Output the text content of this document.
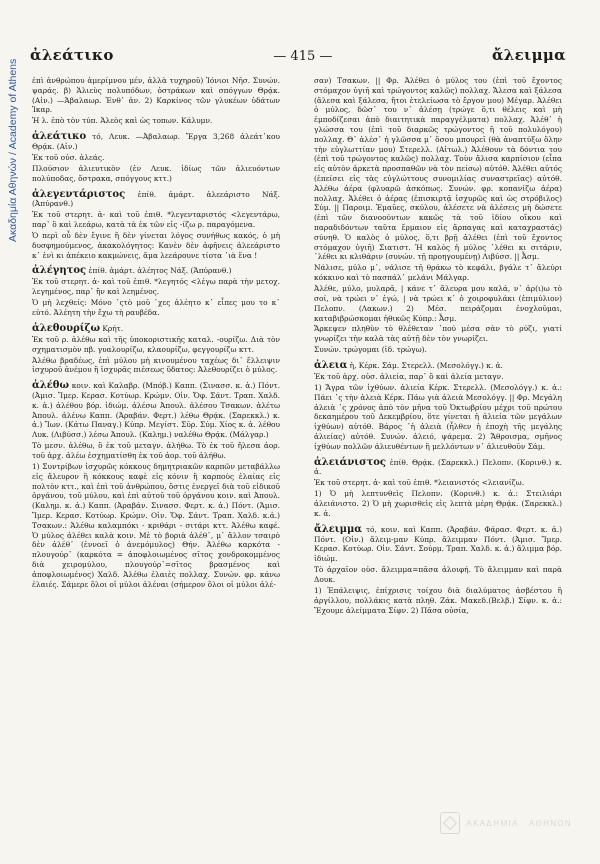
Ακαδημία Αθηνών / Academy of Athens
ἀλεάτικο	— 415 —	ἄλειμμα

ἐπὶ ἀνθρώπου ἀμερίμνου μέν, ἀλλὰ τυχηροῦ) Ἰόνιοι Νῆσ. Συνών. ψαράς. β) Ἁλιεὺς πολυπόδων, ὀστράκων καὶ σπόγγων Θρᾴκ. (Αἰν.) —Ἀβαλαωρ. Ἐνθ᾽ ἀν. 2) Καρκίνος τῶν γλυκέων ὑδάτων Ἰκαρ.

Ἡ λ. ἐπὸ τὸν τύπ. Ἀλεὸς καὶ ὡς τοπων. Κάλυμν.

ἀλεάτικο τό, Λευκ. —Ἀβαλαωρ. Ἔργα 3,268 ἀλεάτ᾽κου Θρᾴκ. (Αἰν.)

Ἐκ τοῦ οὐσ. ἀλεάς.

Πλούσιον ἀλιευτικὸν (ἐν Λευκ. ἰδίως τῶν ἀλιευόντων πολύποδας, ὄστρακα, σπόγγους κττ.)

ἀλεγεντάριστος ἐπίθ. ἀμάρτ. ἀλεεάριστο Νάξ. (Ἀπύρανθ.)

Ἐκ τοῦ στερητ. ἀ- καὶ τοῦ ἐπιθ. *λεγενταριστός <λεγεντάρω, παρ᾽ ὃ καὶ λεεάρω, κατὰ τὰ ἐκ τῶν εἰς -ίζω ρ. παραγόμενα.

Ὁ περὶ οὗ δὲν ἔγινε ἢ δὲν γίνεται λόγος συνήθως κακός, ὁ μὴ δυσφημούμενος, ἀκακολόγητος: Κανὲν δὲν ἀφῆνεις ἀλεεάριστο κ᾽ ἐνὶ κι ἀπέκειο κακμώνεις, ἄμα λεεάρουνε τίοτα ᾽ιὰ ἕνα !

ἀλέγητος ἐπίθ. ἀμάρτ. ἀλέητος Νάξ. (Ἀπύρανθ.)

Ἐκ τοῦ στερητ. ἀ- καὶ τοῦ ἐπιθ. *λεγητός <λέγω παρὰ τὴν μετοχ. λεγημένος, παρ᾽ ἣν καὶ λεημένος.

Ὁ μὴ λεχθείς: Μόνο ᾽ςτὸ μοῦ ᾽χες ἀλέητο κ᾽ εἶπες μου το κ᾽ εὐτό. Ἀλέητη τὴν ἔχω τὴ ραυβέδα.

ἀλεθουρίζω Κρήτ.

Ἐκ τοῦ ρ. ἀλέθω καὶ τῆς ὑποκοριστικῆς καταλ. -ουρίζω. Διὰ τὸν σχηματισμὸν πβ. γυαλουρίζω, κλαουρίζω, φεγγουρίζω κττ.

Ἀλέθω βραδέως, ἐπὶ μύλου μὴ κινουμένου ταχέως δι᾽ ἔλλειψιν ἰσχυροῦ ἀνέμου ἢ ἰσχυρᾶς πιέσεως ὕδατος: Ἀλεθουρίζει ὁ μύλος.

ἀλέθω κοιν. καὶ Καλαβρ. (Μπόβ.) Καππ. (Σινασσ. κ. ἀ.) Πόντ. (Ἀμισ. Ἴμερ. Κερασ. Κοτύωρ. Κρώμν. Οἰν. Ὄφ. Σάντ. Τραπ. Χαλδ. κ. ἀ.) ἀλέθου βόρ. ἰδιώμ. ἀλέσω Ἀπουλ. ἀλέσου Τσακων. ἀλέτω Ἀπουλ. ἀλένω Καππ. (Ἀραβάν. Φερτ.) λέθω Θρᾴκ. (Σαρεκκλ.) κ. ἀ.) Ἴων. (Κάτω Παναγ.) Κύπρ. Μεγίστ. Σῦρ. Σύμ. Χίος κ. ἀ. λέθου Λυκ. (Λιβύσσ.) λέσω Ἀπουλ. (Καλημ.) ναλέθω Θρᾴκ. (Μάλγαρ.)

Τὸ μεσν. ἀλέθω, ὃ ἐκ τοῦ μεταγν. ἀλήθω. Τὸ ἐκ τοῦ ἤλεσα ἀορ. τοῦ ἀρχ. ἀλέω ἐσχηματίσθη ἐκ τοῦ ἀορ. τοῦ ἀλήθω.

1) Συντρίβων ἰσχυρῶς κόκκους δημητριακῶν καρπῶν μεταβάλλω εἰς ἄλευρον ἢ κόκκους καφὲ εἰς κόνιν ἢ καρποὺς ἐλαίας εἰς πολτὸν κττ., καὶ ἐπὶ τοῦ ἀνθρώπου, ὅστις ἐνεργεῖ διὰ τοῦ εἰδικοῦ ὀργάνου, τοῦ μύλου, καὶ ἐπὶ αὐτοῦ τοῦ ὀργάνου κοιν. καὶ Ἀπουλ. (Καλημ. κ. ἀ.) Καππ. (Ἀραβάν. Σινασσ. Φερτ. κ. ἀ.) Πόντ. (Ἀμισ. Ἴμερ. Κερασ. Κοτύωρ. Κρώμν. Οἰν. Ὄφ. Σάντ. Τραπ. Χαλδ. κ.ἀ.) Τσακων.: Ἀλέθω καλαμπόκι - κριθάρι - σιτάρι κττ. Ἀλέθω καφέ. Ὁ μύλος ἀλέθει καλὰ κοιν. Μὲ τὸ βοριὰ ἀλέθ᾽, μ᾽ ἄλλον τσαιρὸ δὲν ἀλέθ᾽ (ἐννοεῖ ὁ ἀνεμόμυλος) Θήν. Ἀλέθω καρκότα - πλουγούρ᾽ (καρκότα = ἀποφλοιωμένος σῖτος χονδροκομμένος διὰ χειρομύλου, πλουγούρ᾽=σῖτος βρασμένος καὶ ἀποφλοιωμένος) Χαλδ. Ἀλέθω ἐλαιὲς πολλαχ. Συνών. φρ. κάνω ἐλαιές. Σάμερε ὅλοι οἱ μύλοι ἀλέναι (σήμερον ὅλοι οἱ μύλοι ἀλέ-

σαν) Τσακων. || Φρ. Ἀλέθει ὁ μύλος του (ἐπὶ τοῦ ἔχοντος στόμαχον ὑγιῆ καὶ τρώγοντος καλῶς) πολλαχ. Ἄλεσα καὶ ξάλεσα (ἄλεσα καὶ ξάλεσα, ἤτοι ἐτελείωσα τὸ ἔργον μου) Μέγαρ. Ἀλέθει ὁ μύλος, δῶσ᾽ του ν᾽ ἀλέσῃ (τρώγε ὅ,τι θέλεις καὶ μὴ ἐμποδίζεσαι ἀπὸ διαιτητικὰ παραγγέλματα) πολλαχ. Ἀλέθ᾽ ἡ γλώσσα του (ἐπὶ τοῦ διαρκῶς τρώγοντος ἢ τοῦ πολυλόγου) πολλαχ. Θ᾽ ἀλέσ᾽ ἡ γλῶσσα μ᾽ ὅσου μπουρεῖ (θὰ ἀναπτύξω ὅλην τὴν εὐγλωττίαν μου) Στερελλ. (Αἰτωλ.) Ἀλέθουν τὰ δόντια του (ἐπὶ τοῦ τρώγοντος καλῶς) πολλαχ. Τοὺν ἄλισα καρπίσιον (εἶπα εἰς αὐτὸν ἀρκετὰ προσπαθῶν νὰ τὸν πείσω) αὐτόθ. Ἀλέθει αὐτός (ἐπείσει εἰς τὰς εὐγλώττους συνομιλίας συναστρεῖας) αὐτόθ. Ἀλέθω ἀέρα (φλυαρῶ ἀσκόπως. Συνών. φρ. κοπανίζω ἀέρα) πολλαχ. Ἀλέθει ὁ ἀέρας (ἐπισκιρτᾷ ἰσχυρῶς καὶ ὡς στρόβιλος) Σύμ. || Παροιμ. Ἐμαῦες, σκύλου, ἀλέσετε νὰ ἀλέσεις μὴ δώσετε (ἐπὶ τῶν διανοούντων κακῶς τὰ τοῦ ἰδίου οἴκου καὶ παραδιδόντων ταῦτα ἔρμαιον εἰς ἅρπαγας καὶ καταχραστάς) σύνηθ. Ὁ καλὸς ὁ μύλος, ὅ,τι βρῇ ἀλέθει (ἐπὶ τοῦ ἔχοντος στόμαχον ὑγιῆ) Σιατιστ. Ἡ καλὸς ἡ μύλος ᾽λέθει κι σιτάριν, ᾽λέθει κι κλιθάριν (συνών. τῇ προηγουμένῃ) Λιβύσσ. || Ἆσμ.

Νάλισε, μύλο μ᾽, νάλισε τῆ θράκω τὸ κεφάλι, βγάλε τ᾽ ἄλεύρι κόκκινο καὶ τὸ πασπάλ᾽ μελάνι Μάλγαρ.

Ἀλέθε, μύλο, μυλαρᾶ, | κάνε τ᾽ ἄλευρα μου καλά, ν᾽ ἀρ(ι)ω τὸ σοί, νὰ τρώει ν᾽ ἐγώ, | νὰ τρώει κ᾽ ὁ χοιροφυλάκι (ἐπιμύλιον) Πελοπν. (Λακων.) 2) Μέσ. πειράζομαι ἐνοχλοῦμαι, καταβιβρώσκομαι ἠθικῶς Κύπρ.: Ἆσμ.

Ἄρκεψεν πληθὺν τὸ θλέθεταν ᾽πού μέσα σὰν τὸ ρύζι, γιατί γνωρίζει τὴν καλὰ τὰς αὐτῇ δὲν τὸν γνωρίζει.

Συνών. τρώγομαι (ἰδ. τρώγω).

ἀλεια ἡ, Κέρκ. Σάμ. Στερελλ. (Μεσολόγγ.) κ. ἀ.

Ἐκ τοῦ ἀρχ. οὐσ. ἁλιεία, παρ᾽ ὃ καὶ ἁλεία μεταγν.

1) Ἄγρα τῶν ἰχθύων. ἁλιεία Κέρκ. Στερελλ. (Μεσολόγγ.) κ. ἀ.: Πάει ᾽ς τὴν ἁλειὰ Κέρκ. Πάω γιὰ ἁλειὰ Μεσολόγγ. || Φρ. Μεγάλη ἁλειὰ ᾽ς χρόνος ἀπὸ τὸν μῆνα τοῦ Ὀκτωβρίου μέχρι τοῦ πρώτου δεκαημέρου τοῦ Δεκεμβρίου, ὅτε γίνεται ἡ ἁλιεία τῶν μεγάλων ἰχθύων) αὐτόθ. Βάρος ᾽ἡ ἁλειὰ (ἦλθεν ἡ ἐποχὴ τῆς μεγάλης ἁλιείας) αὐτόθ. Συνών. ἁλειό, ψάρεμα. 2) Ἄθροισμα, σμῆνος ἰχθύων πολλῶν ἀλιευθέντων ἢ μελλόντων ν᾽ ἀλιευθοῦν Σάμ.

ἀλειάνιστος ἐπίθ. Θρᾴκ. (Σαρεκκλ.) Πελοπν. (Κορινθ.) κ. ἀ.

Ἐκ τοῦ στερητ. ἀ- καὶ τοῦ ἐπιθ. *λειανιστός <λειανίζω.

1) Ὁ μὴ λεπτυνθεὶς Πελοπν. (Κορινθ.) κ. ἀ.: Στειλιάρι ἀλειάνιστο. 2) Ὁ μὴ χωρισθεὶς εἰς λεπτὰ μέρη Θρᾴκ. (Σαρεκκλ.) κ. ἀ.

ἄλειμμα τό, κοιν. καὶ Καππ. (Ἀραβάν. Φάρασ. Φερτ. κ. ἀ.) Πόντ. (Οἰν.) ἄλειμ-μαν Κύπρ. ἄλειμμαν Πόντ. (Ἀμισ. Ἴμερ. Κερασ. Κοτύωρ. Οἰν. Σάντ. Σούρμ. Τραπ. Χαλδ. κ. ἀ.) ἄλιμμα βόρ. ἰδιώμ.

Τὸ ἀρχαῖον οὐσ. ἄλειμμα=πᾶσα ἀλοιφή. Τὸ ἄλειμμαν καὶ παρὰ Δουκ.

1) Ἐπάλειψις, ἐπίχρισις τοίχου διὰ διαλύματος ἀσβέστου ἢ ἀργίλλου, πολλάκις κατὰ πληθ. Ζάκ. Μακεδ.(Βελβ.) Σίφν. κ. ἀ.: Ἔχουμε ἀλείμματα Σίφν. 2) Πᾶσα οὐσία,

ΑΚΑΔΗΜΙΑ ΑΘΗΝΩΝ
